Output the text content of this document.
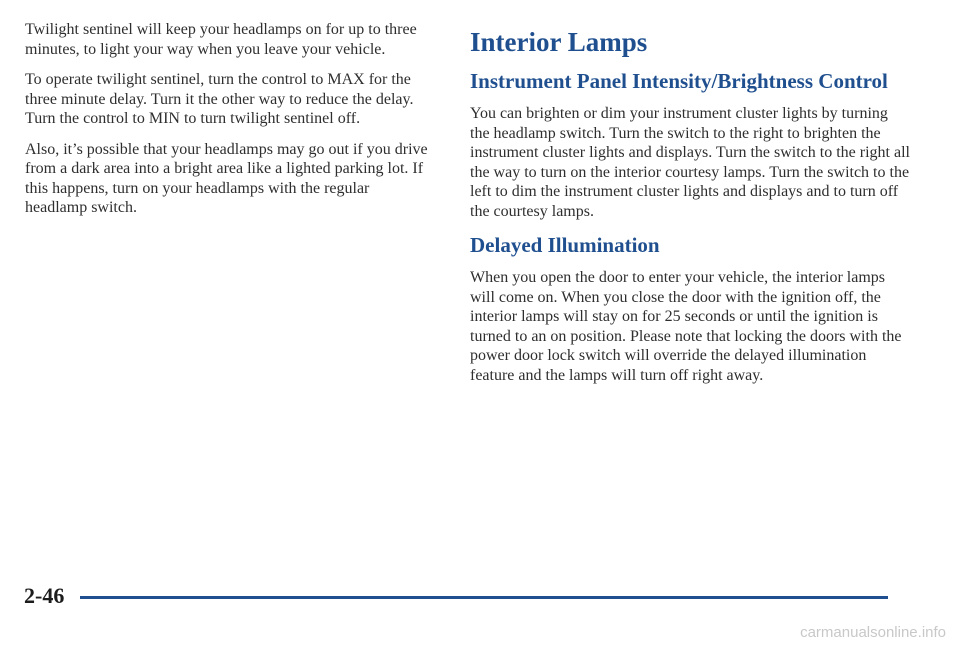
Twilight sentinel will keep your headlamps on for up to three minutes, to light your way when you leave your vehicle.

To operate twilight sentinel, turn the control to MAX for the three minute delay. Turn it the other way to reduce the delay. Turn the control to MIN to turn twilight sentinel off.

Also, it’s possible that your headlamps may go out if you drive from a dark area into a bright area like a lighted parking lot. If this happens, turn on your headlamps with the regular headlamp switch.

Interior Lamps
Instrument Panel Intensity/Brightness Control

You can brighten or dim your instrument cluster lights by turning the headlamp switch. Turn the switch to the right to brighten the instrument cluster lights and displays. Turn the switch to the right all the way to turn on the interior courtesy lamps. Turn the switch to the left to dim the instrument cluster lights and displays and to turn off the courtesy lamps.

Delayed Illumination

When you open the door to enter your vehicle, the interior lamps will come on. When you close the door with the ignition off, the interior lamps will stay on for 25 seconds or until the ignition is turned to an on position. Please note that locking the doors with the power door lock switch will override the delayed illumination feature and the lamps will turn off right away.

2-46
carmanualsonline.info
